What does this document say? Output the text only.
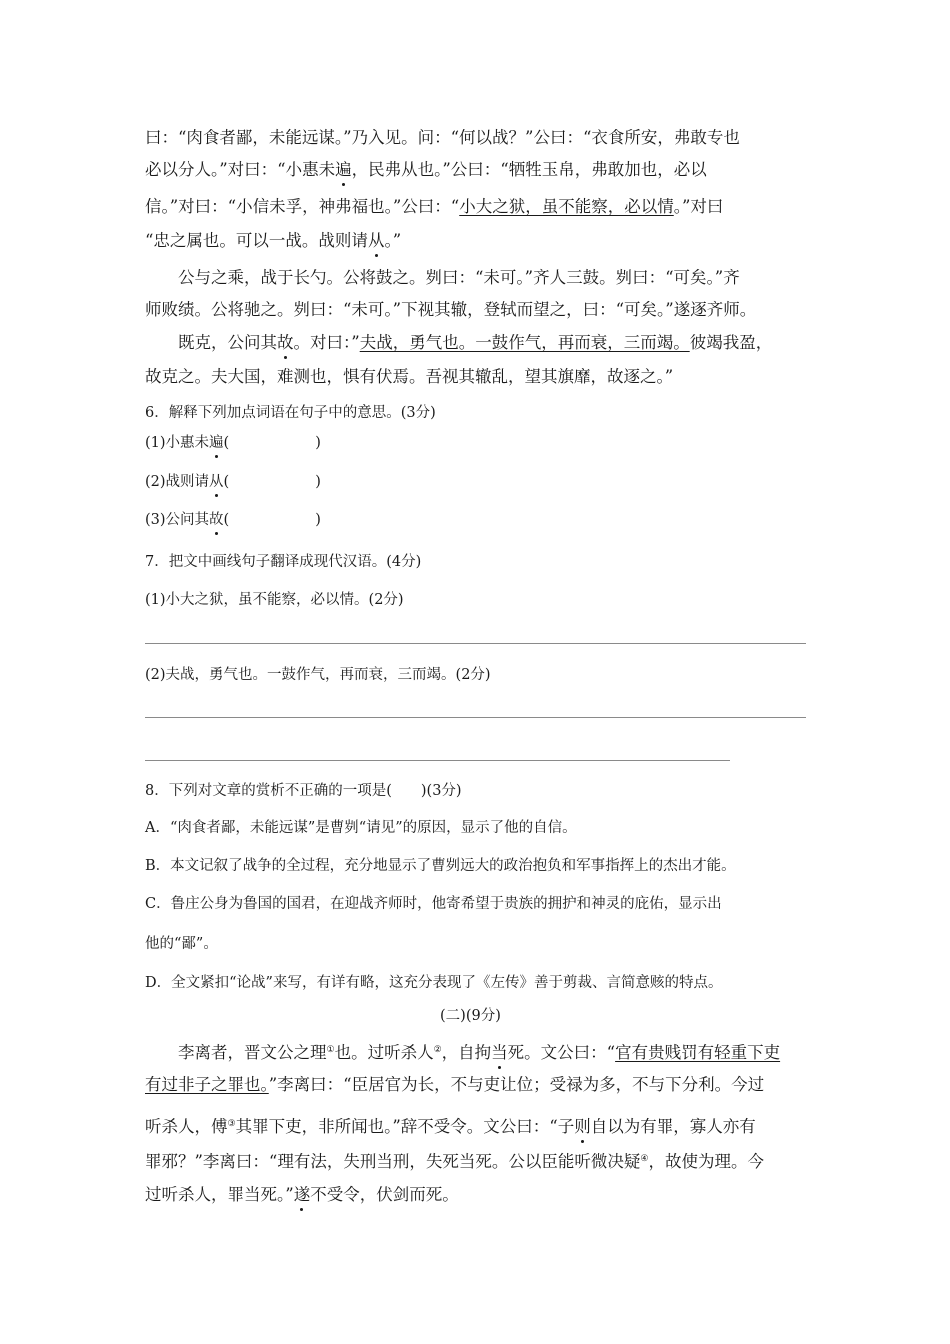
曰：“肉食者鄙，未能远谋。”乃入见。问：“何以战？”公曰：“衣食所安，弗敢专也
必以分人。”对曰：“小惠未遍，民弗从也。”公曰：“牺牲玉帛，弗敢加也，必以
信。”对曰：“小信未孚，神弗福也。”公曰：“小大之狱，虽不能察，必以情。”对曰
“忠之属也。可以一战。战则请从。”
公与之乘，战于长勺。公将鼓之。刿曰：“未可。”齐人三鼓。刿曰：“可矣。”齐
师败绩。公将驰之。刿曰：“未可。”下视其辙，登轼而望之，曰：“可矣。”遂逐齐师。
既克，公问其故。对曰：”夫战，勇气也。一鼓作气，再而衰，三而竭。彼竭我盈，
故克之。夫大国，难测也，惧有伏焉。吾视其辙乱，望其旗靡，故逐之。”
6．解释下列加点词语在句子中的意思。(3分)
(1)小惠未遍(	)
(2)战则请从(	)
(3)公问其故(	)
7．把文中画线句子翻译成现代汉语。(4分)
(1)小大之狱，虽不能察，必以情。(2分)
(2)夫战，勇气也。一鼓作气，再而衰，三而竭。(2分)
8．下列对文章的赏析不正确的一项是(　　)(3分)
A．“肉食者鄙，未能远谋”是曹刿“请见”的原因，显示了他的自信。
B．本文记叙了战争的全过程，充分地显示了曹刿远大的政治抱负和军事指挥上的杰出才能。
C．鲁庄公身为鲁国的国君，在迎战齐师时，他寄希望于贵族的拥护和神灵的庇佑，显示出
他的“鄙”。
D．全文紧扣“论战”来写，有详有略，这充分表现了《左传》善于剪裁、言简意赅的特点。
(二)(9分)
李离者，晋文公之理①也。过听杀人②，自拘当死。文公曰：“官有贵贱罚有轻重下吏
有过非子之罪也。”李离曰：“臣居官为长，不与吏让位；受禄为多，不与下分利。今过
听杀人，傅③其罪下吏，非所闻也。”辞不受令。文公曰：“子则自以为有罪，寡人亦有
罪邪？”李离曰：“理有法，失刑当刑，失死当死。公以臣能听微决疑④，故使为理。今
过听杀人，罪当死。”遂不受令，伏剑而死。
